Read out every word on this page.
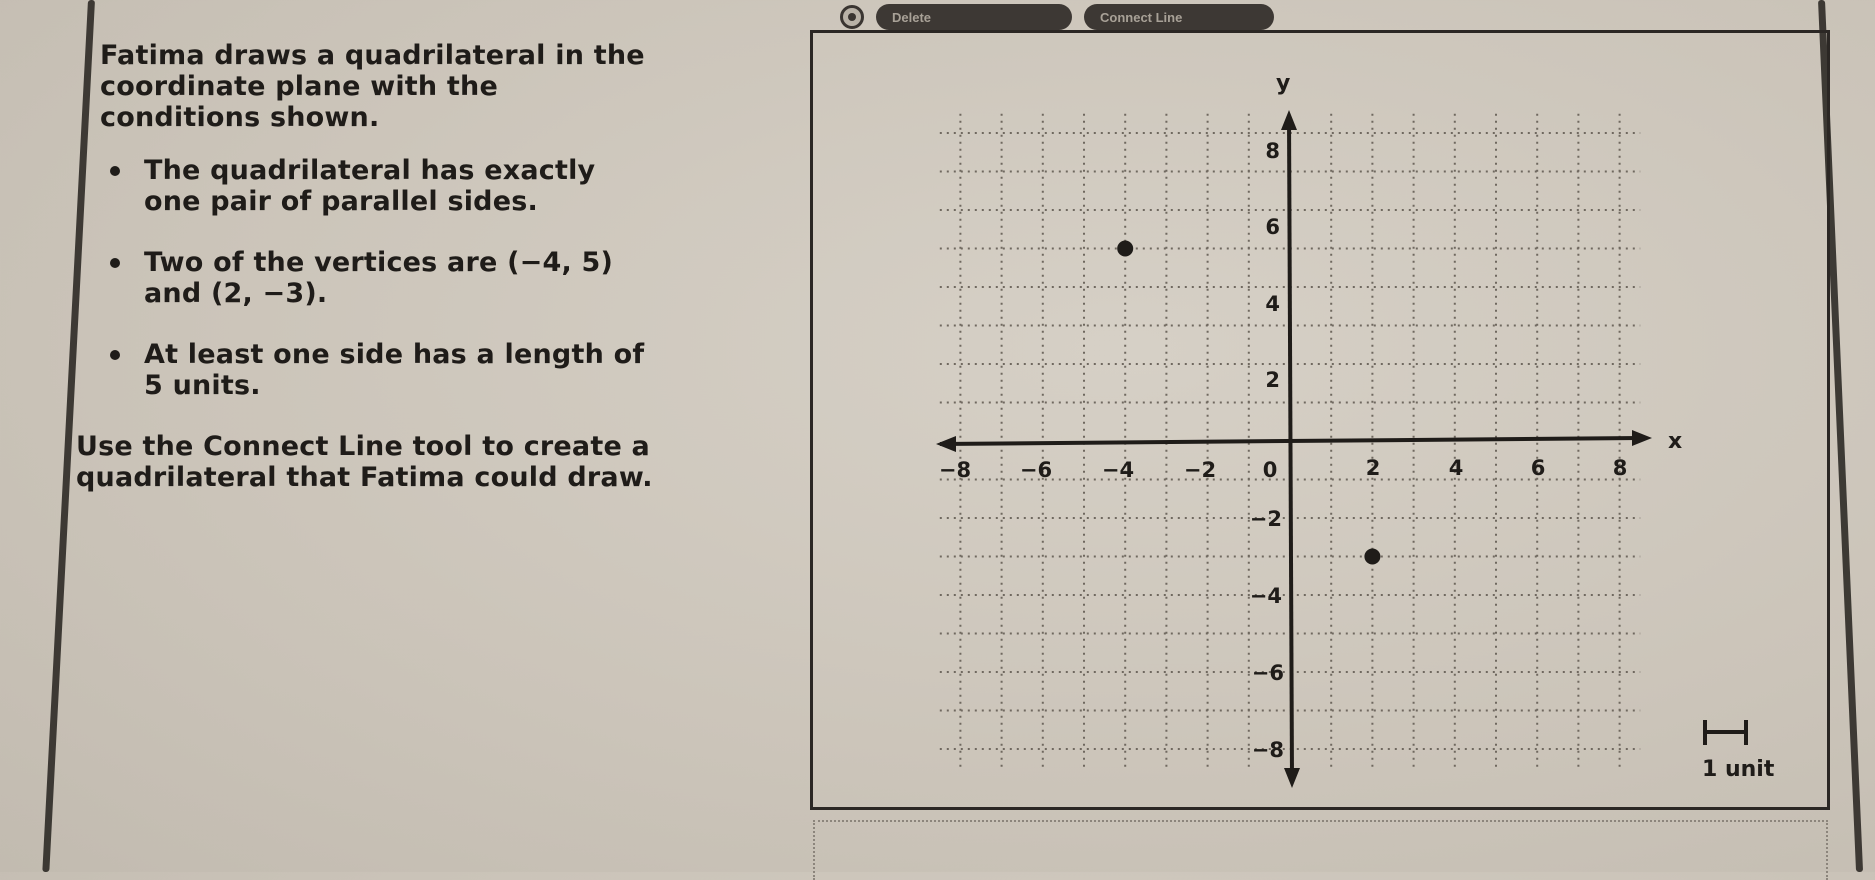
Fatima draws a quadrilateral in the coordinate plane with the conditions shown.

The quadrilateral has exactly one pair of parallel sides.
Two of the vertices are (−4, 5) and (2, −3).
At least one side has a length of 5 units.

Use the Connect Line tool to create a quadrilateral that Fatima could draw.

Delete	Connect Line
x
y
−8 −6 −4 −2 0	2	4	6	8
8
6
4
2
−2
−4
−6
−8
1 unit
